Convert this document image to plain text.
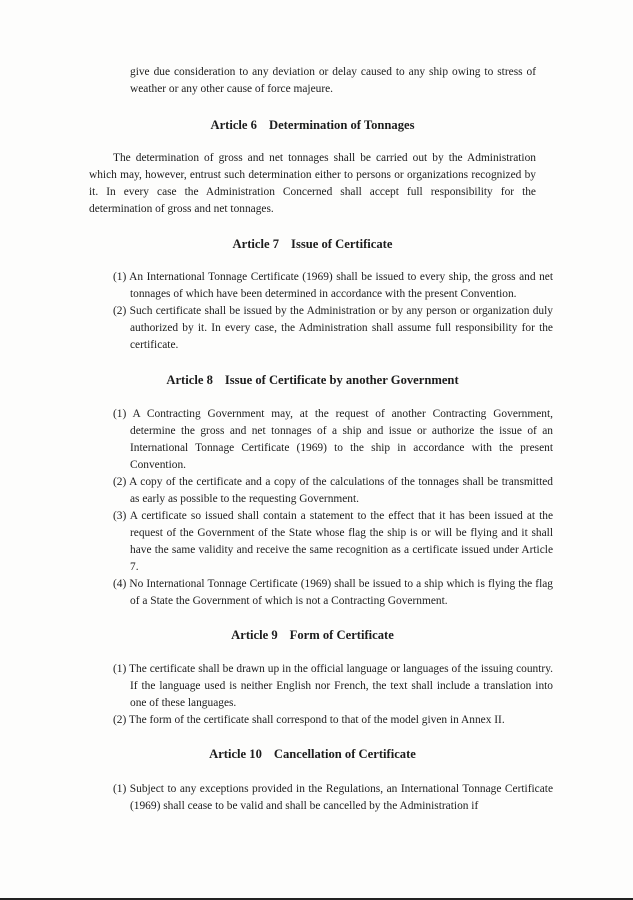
give due consideration to any deviation or delay caused to any ship owing to stress of weather or any other cause of force majeure.

Article 6 Determination of Tonnages

The determination of gross and net tonnages shall be carried out by the Administration which may, however, entrust such determination either to persons or organizations recognized by it. In every case the Administration Concerned shall accept full responsibility for the determination of gross and net tonnages.

Article 7 Issue of Certificate

(1) An International Tonnage Certificate (1969) shall be issued to every ship, the gross and net tonnages of which have been determined in accordance with the present Convention.

(2) Such certificate shall be issued by the Administration or by any person or organization duly authorized by it. In every case, the Administration shall assume full responsibility for the certificate.

Article 8 Issue of Certificate by another Government

(1) A Contracting Government may, at the request of another Contracting Government, determine the gross and net tonnages of a ship and issue or authorize the issue of an International Tonnage Certificate (1969) to the ship in accordance with the present Convention.

(2) A copy of the certificate and a copy of the calculations of the tonnages shall be transmitted as early as possible to the requesting Government.

(3) A certificate so issued shall contain a statement to the effect that it has been issued at the request of the Government of the State whose flag the ship is or will be flying and it shall have the same validity and receive the same recognition as a certificate issued under Article 7.

(4) No International Tonnage Certificate (1969) shall be issued to a ship which is flying the flag of a State the Government of which is not a Contracting Government.

Article 9 Form of Certificate

(1) The certificate shall be drawn up in the official language or languages of the issuing country. If the language used is neither English nor French, the text shall include a translation into one of these languages.

(2) The form of the certificate shall correspond to that of the model given in Annex II.

Article 10 Cancellation of Certificate

(1) Subject to any exceptions provided in the Regulations, an International Tonnage Certificate (1969) shall cease to be valid and shall be cancelled by the Administration if
